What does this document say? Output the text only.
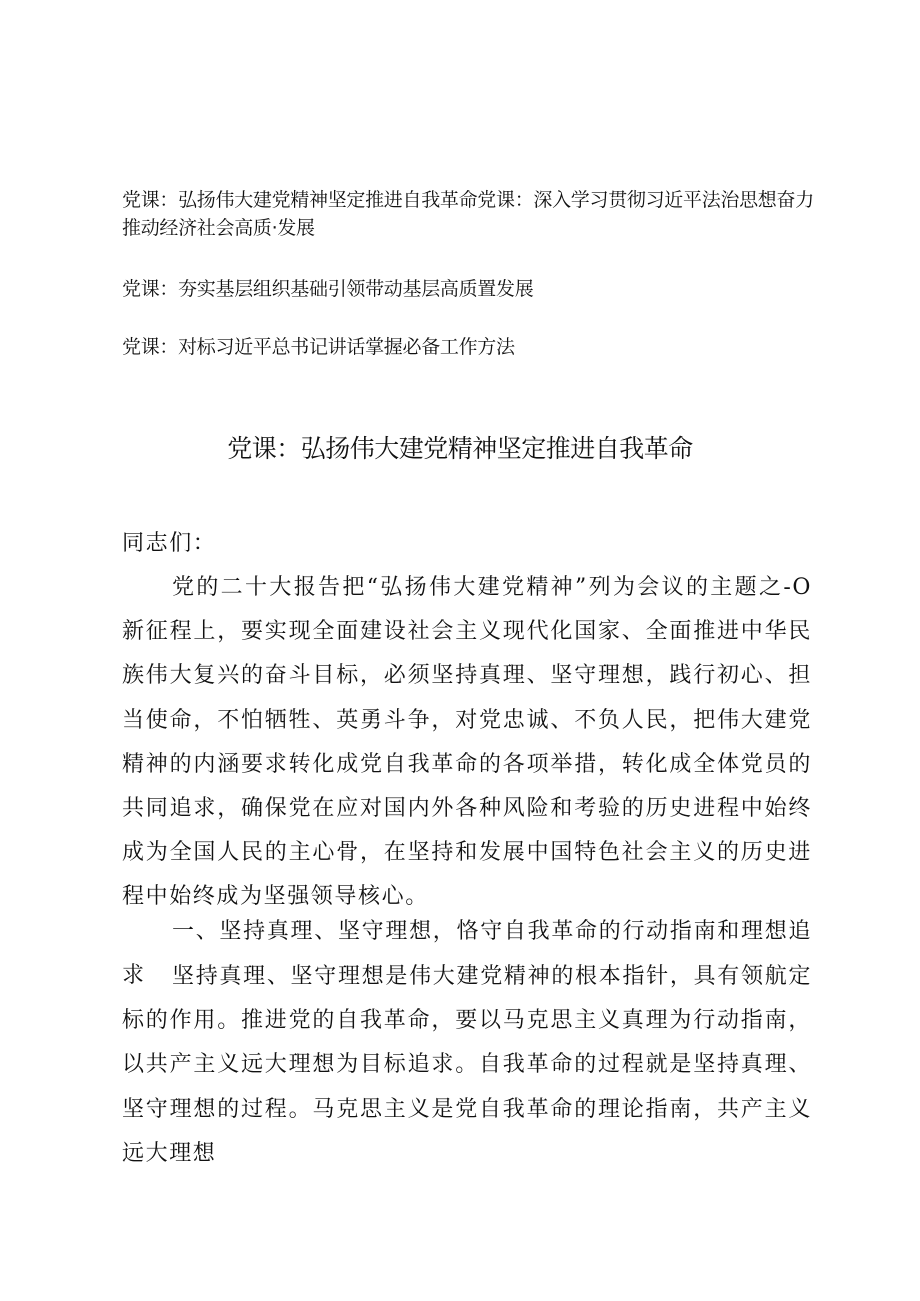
党课：弘扬伟大建党精神坚定推进自我革命党课：深入学习贯彻习近平法治思想奋力推动经济社会高质·发展
党课：夯实基层组织基础引领带动基层高质置发展
党课：对标习近平总书记讲话掌握必备工作方法
党课：弘扬伟大建党精神坚定推进自我革命
同志们：
党的二十大报告把“弘扬伟大建党精神”列为会议的主题之-O新征程上，要实现全面建设社会主义现代化国家、全面推进中华民族伟大复兴的奋斗目标，必须坚持真理、坚守理想，践行初心、担当使命，不怕牺牲、英勇斗争，对党忠诚、不负人民，把伟大建党精神的内涵要求转化成党自我革命的各项举措，转化成全体党员的共同追求，确保党在应对国内外各种风险和考验的历史进程中始终成为全国人民的主心骨，在坚持和发展中国特色社会主义的历史进程中始终成为坚强领导核心。
一、坚持真理、坚守理想，恪守自我革命的行动指南和理想追求	坚持真理、坚守理想是伟大建党精神的根本指针，具有领航定标的作用。推进党的自我革命，要以马克思主义真理为行动指南，以共产主义远大理想为目标追求。自我革命的过程就是坚持真理、坚守理想的过程。马克思主义是党自我革命的理论指南，共产主义远大理想
